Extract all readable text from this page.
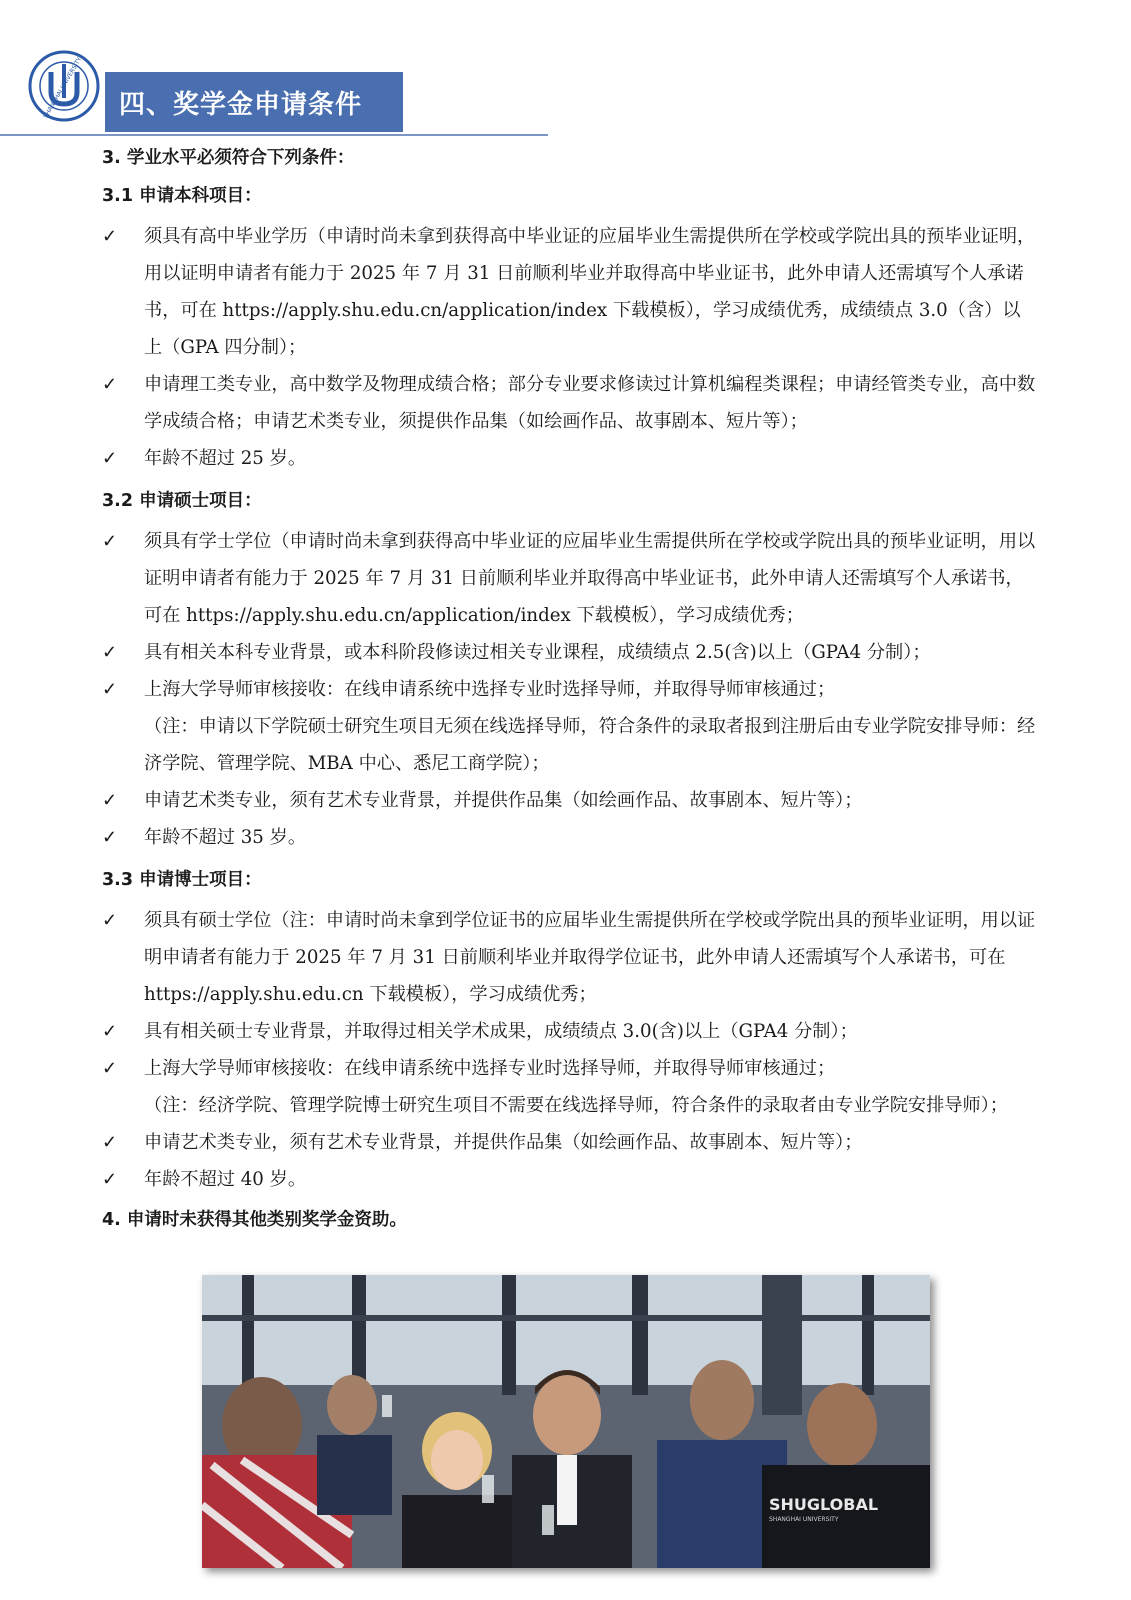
SHANGHAI UNIVERSITY	四、奖学金申请条件

3. 学业水平必须符合下列条件：

3.1 申请本科项目：

✓	须具有高中毕业学历（申请时尚未拿到获得高中毕业证的应届毕业生需提供所在学校或学院出具的预毕业证明，用以证明申请者有能力于 2025 年 7 月 31 日前顺利毕业并取得高中毕业证书，此外申请人还需填写个人承诺书，可在 https://apply.shu.edu.cn/application/index 下载模板），学习成绩优秀，成绩绩点 3.0（含）以上（GPA 四分制）；

✓	申请理工类专业，高中数学及物理成绩合格；部分专业要求修读过计算机编程类课程；申请经管类专业，高中数学成绩合格；申请艺术类专业，须提供作品集（如绘画作品、故事剧本、短片等）；

✓	年龄不超过 25 岁。

3.2 申请硕士项目：

✓	须具有学士学位（申请时尚未拿到获得高中毕业证的应届毕业生需提供所在学校或学院出具的预毕业证明，用以证明申请者有能力于 2025 年 7 月 31 日前顺利毕业并取得高中毕业证书，此外申请人还需填写个人承诺书，可在 https://apply.shu.edu.cn/application/index 下载模板），学习成绩优秀；

✓	具有相关本科专业背景，或本科阶段修读过相关专业课程，成绩绩点 2.5(含)以上（GPA4 分制）；

✓	上海大学导师审核接收：在线申请系统中选择专业时选择导师，并取得导师审核通过；

（注：申请以下学院硕士研究生项目无须在线选择导师，符合条件的录取者报到注册后由专业学院安排导师：经济学院、管理学院、MBA 中心、悉尼工商学院）；

✓	申请艺术类专业，须有艺术专业背景，并提供作品集（如绘画作品、故事剧本、短片等）；

✓	年龄不超过 35 岁。

3.3 申请博士项目：

✓	须具有硕士学位（注：申请时尚未拿到学位证书的应届毕业生需提供所在学校或学院出具的预毕业证明，用以证明申请者有能力于 2025 年 7 月 31 日前顺利毕业并取得学位证书，此外申请人还需填写个人承诺书，可在 https://apply.shu.edu.cn 下载模板），学习成绩优秀；

✓	具有相关硕士专业背景，并取得过相关学术成果，成绩绩点 3.0(含)以上（GPA4 分制）；

✓	上海大学导师审核接收：在线申请系统中选择专业时选择导师，并取得导师审核通过；

（注：经济学院、管理学院博士研究生项目不需要在线选择导师，符合条件的录取者由专业学院安排导师）；

✓	申请艺术类专业，须有艺术专业背景，并提供作品集（如绘画作品、故事剧本、短片等）；

✓	年龄不超过 40 岁。

4. 申请时未获得其他类别奖学金资助。

SHUGLOBAL
SHANGHAI UNIVERSITY
